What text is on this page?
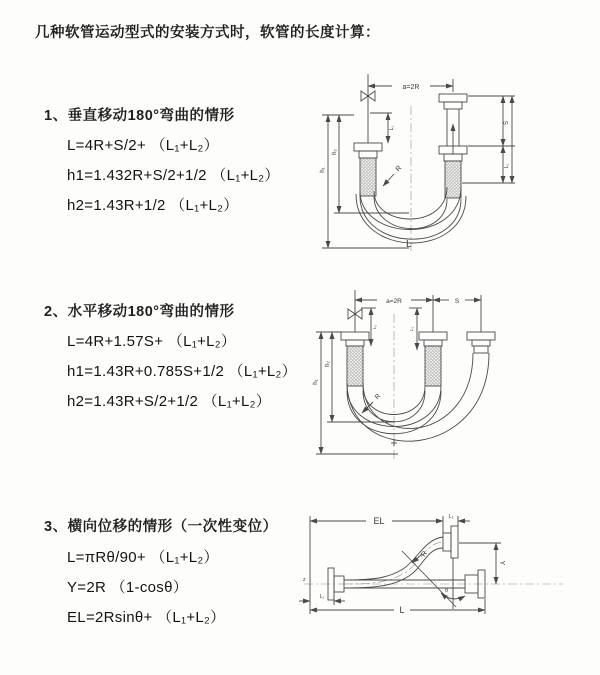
几种软管运动型式的安装方式时，软管的长度计算：
1、垂直移动180°弯曲的情形
L=4R+S/2+ （L₁+L₂）
h1=1.432R+S/2+1/2 （L₁+L₂）
h2=1.43R+1/2 （L₁+L₂）
2、水平移动180°弯曲的情形
L=4R+1.57S+ （L₁+L₂）
h1=1.43R+0.785S+1/2 （L₁+L₂）
h2=1.43R+S/2+1/2 （L₁+L₂）
3、横向位移的情形（一次性变位）
L=πRθ/90+ （L₁+L₂）
Y=2R （1-cosθ）
EL=2Rsinθ+ （L₁+L₂）
a=2R
S
L₁
L₁
h₁
h₂
R
L
a=2R	S
L₁	L₁
h₁
h₂
R
z
EL	L₁
Y
L
L₁
θ
R
